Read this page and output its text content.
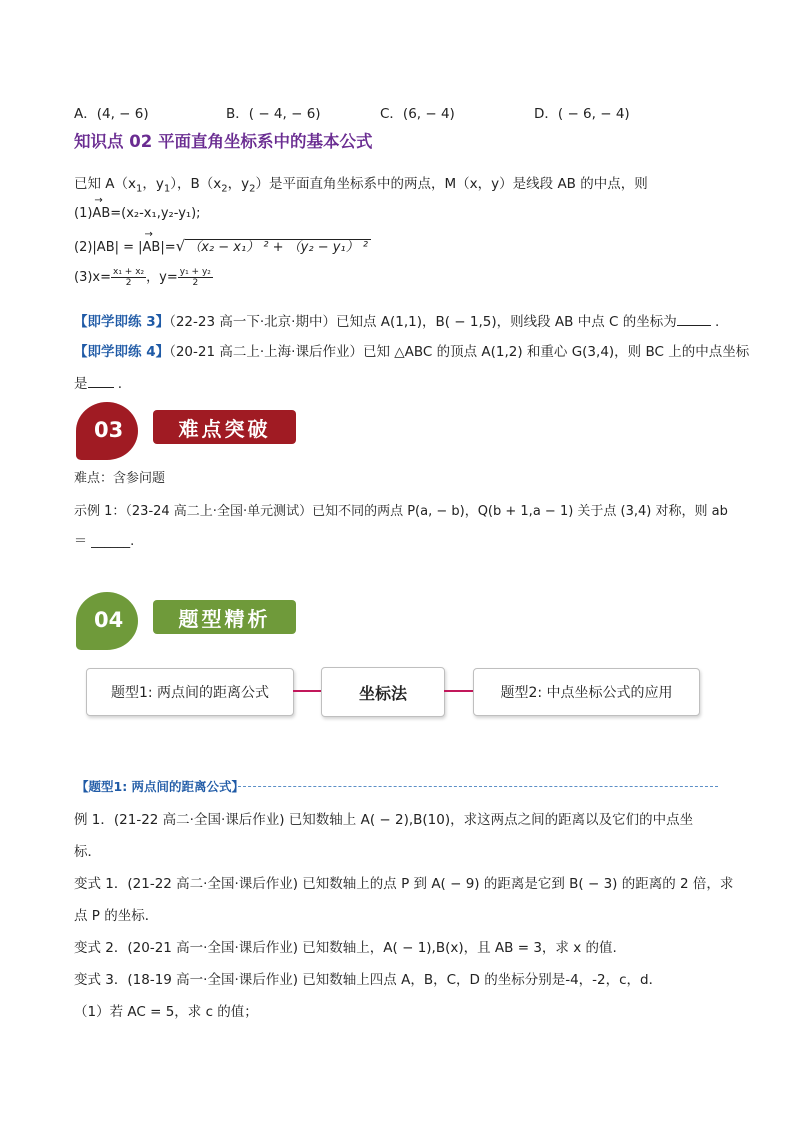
A．(4, − 6)	B．( − 4, − 6)	C．(6, − 4)	D．( − 6, − 4)
知识点 02 平面直角坐标系中的基本公式
已知 $A(x_1$，$y_1$），$B(x_2$，$y_2$）是平面直角坐标系中的两点，M（x，y）是线段 AB 的中点，则
(1)→ AB=(x₂-x₁,y₂-y₁);
(2)|AB| = |→ AB|=√ （x₂ − x₁） ² + （y₂ − y₁） ²
$(3)x= \frac{\text{x₁ + x₂}}{2}$ ，$y= \frac{\text{y₁ + y₂}}{2}$
【即学即练 3】（22-23 高一下·北京·期中）已知点 A(1,1)，B( − 1,5)，则线段 AB 中点 C 的坐标为	.
【即学即练 4】（20-21 高二上·上海·课后作业）已知 △ABC 的顶点 A(1,2) 和重心 G(3,4)，则 BC 上的中点坐标
是 .
03	难点突破
难点：含参问题
示例 1：（23-24 高二上·全国·单元测试）已知不同的两点 P(a, − b)，Q(b + 1,a − 1) 关于点 (3,4) 对称，则 ab
＝ ______.
04	题型精析
题型1: 两点间的距离公式	坐标法	题型2: 中点坐标公式的应用
【题型1: 两点间的距离公式】
例 1．(21-22 高二·全国·课后作业) 已知数轴上 A( − 2),B(10)，求这两点之间的距离以及它们的中点坐
标．
变式 1．(21-22 高二·全国·课后作业) 已知数轴上的点 P 到 A( − 9) 的距离是它到 B( − 3) 的距离的 2 倍，求
点 P 的坐标．
变式 2．(20-21 高一·全国·课后作业) 已知数轴上，A( − 1),B(x)，且 AB = 3，求 x 的值.
变式 3．(18-19 高一·全国·课后作业) 已知数轴上四点 A，B，C，D 的坐标分别是-4，-2，c，d．
（1）若 AC = 5，求 c 的值；
